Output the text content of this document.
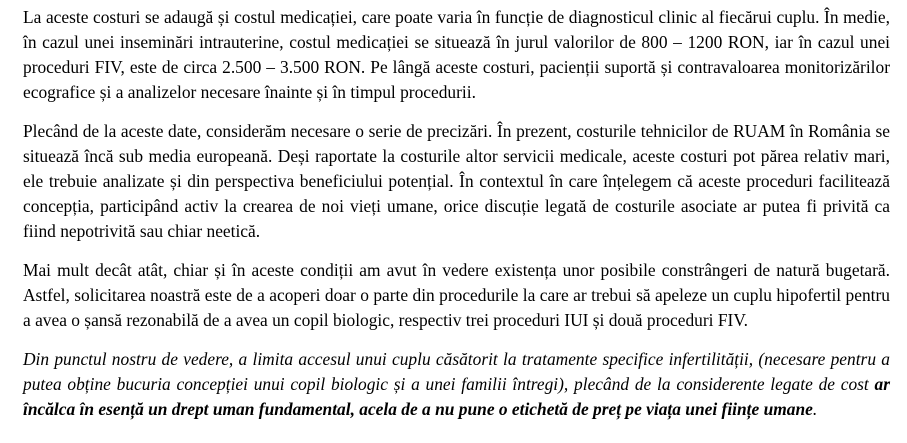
La aceste costuri se adaugă și costul medicației, care poate varia în funcție de diagnosticul clinic al fiecărui cuplu. În medie, în cazul unei inseminări intrauterine, costul medicației se situează în jurul valorilor de 800 – 1200 RON, iar în cazul unei proceduri FIV, este de circa 2.500 – 3.500 RON. Pe lângă aceste costuri, pacienții suportă și contravaloarea monitorizărilor ecografice și a analizelor necesare înainte și în timpul procedurii.

Plecând de la aceste date, considerăm necesare o serie de precizări. În prezent, costurile tehnicilor de RUAM în România se situează încă sub media europeană. Deși raportate la costurile altor servicii medicale, aceste costuri pot părea relativ mari, ele trebuie analizate și din perspectiva beneficiului potențial. În contextul în care înțelegem că aceste proceduri facilitează concepția, participând activ la crearea de noi vieți umane, orice discuție legată de costurile asociate ar putea fi privită ca fiind nepotrivită sau chiar neetică.

Mai mult decât atât, chiar și în aceste condiții am avut în vedere existența unor posibile constrângeri de natură bugetară. Astfel, solicitarea noastră este de a acoperi doar o parte din procedurile la care ar trebui să apeleze un cuplu hipofertil pentru a avea o șansă rezonabilă de a avea un copil biologic, respectiv trei proceduri IUI și două proceduri FIV.

Din punctul nostru de vedere, a limita accesul unui cuplu căsătorit la tratamente specifice infertilității, (necesare pentru a putea obține bucuria concepției unui copil biologic și a unei familii întregi), plecând de la considerente legate de cost ar încălca în esență un drept uman fundamental, acela de a nu pune o etichetă de preț pe viața unei ființe umane.
